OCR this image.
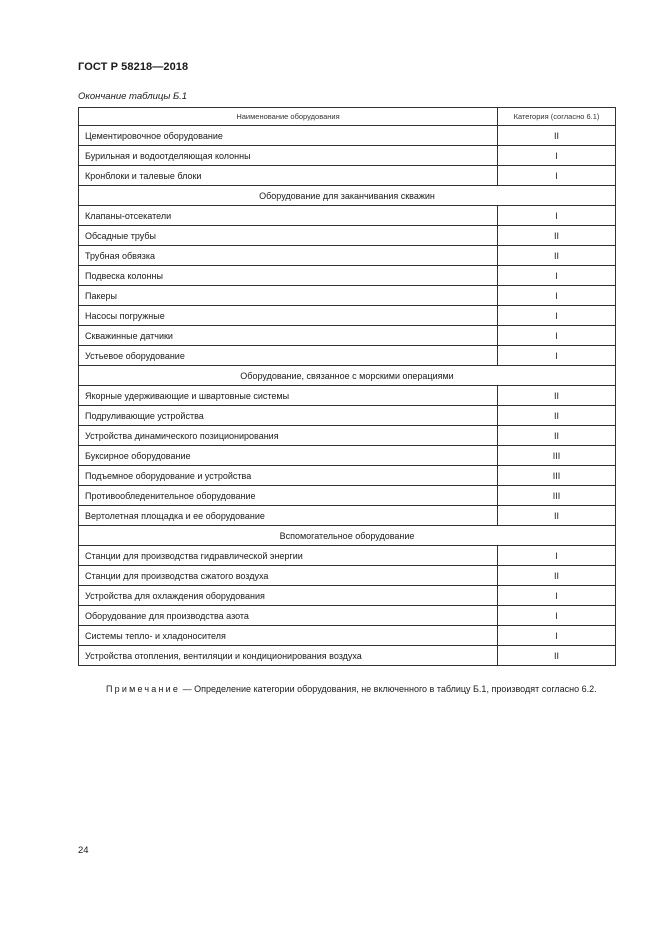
ГОСТ Р 58218—2018
Окончание таблицы Б.1
Наименование оборудования	Категория (согласно 6.1)
Цементировочное оборудование	II
Бурильная и водоотделяющая колонны	I
Кронблоки и талевые блоки	I
Оборудование для заканчивания скважин	
Клапаны-отсекатели	I
Обсадные трубы	II
Трубная обвязка	II
Подвеска колонны	I
Пакеры	I
Насосы погружные	I
Скважинные датчики	I
Устьевое оборудование	I
Оборудование, связанное с морскими операциями	
Якорные удерживающие и швартовные системы	II
Подруливающие устройства	II
Устройства динамического позиционирования	II
Буксирное оборудование	III
Подъемное оборудование и устройства	III
Противообледенительное оборудование	III
Вертолетная площадка и ее оборудование	II
Вспомогательное оборудование	
Станции для производства гидравлической энергии	I
Станции для производства сжатого воздуха	II
Устройства для охлаждения оборудования	I
Оборудование для производства азота	I
Системы тепло- и хладоносителя	I
Устройства отопления, вентиляции и кондиционирования воздуха	II
Примечание — Определение категории оборудования, не включенного в таблицу Б.1, производят согласно 6.2.
24
